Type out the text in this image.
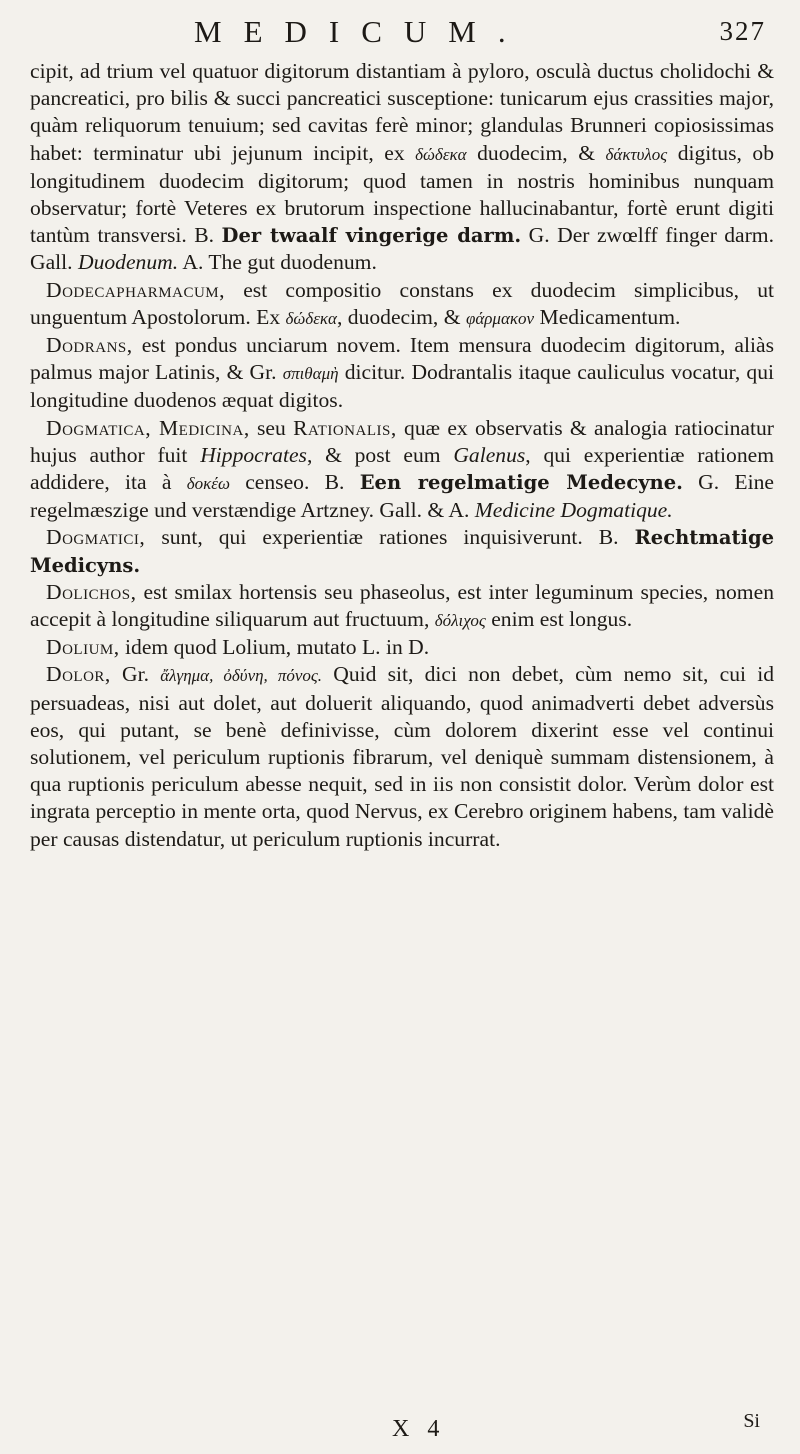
MEDICUM.	327

cipit, ad trium vel quatuor digitorum distantiam à pyloro, osculà ductus cholidochi & pancreatici, pro bilis & succi pancreatici susceptione: tunicarum ejus crassities major, quàm reliquorum tenuium; sed cavitas ferè minor; glandulas Brunneri copiosissimas habet: terminatur ubi jejunum incipit, ex δώδεκα duodecim, & δάκτυλος digitus, ob longitudinem duodecim digitorum; quod tamen in nostris hominibus nunquam observatur; fortè Veteres ex brutorum inspectione hallucinabantur, fortè erunt digiti tantùm transversi. B. Der twaalf vingerige darm. G. Der zwœlff finger darm. Gall. Duodenum. A. The gut duodenum.

Dodecapharmacum, est compositio constans ex duodecim simplicibus, ut unguentum Apostolorum. Ex δώδεκα, duodecim, & φάρμακον Medicamentum.

Dodrans, est pondus unciarum novem. Item mensura duodecim digitorum, aliàs palmus major Latinis, & Gr. σπιθαμὴ dicitur. Dodrantalis itaque cauliculus vocatur, qui longitudine duodenos æquat digitos.

Dogmatica, Medicina, seu Rationalis, quæ ex observatis & analogia ratiocinatur hujus author fuit Hippocrates, & post eum Galenus, qui experientiæ rationem addidere, ita à δοκέω censeo. B. Een regelmatige Medecyne. G. Eine regelmæszige und verstændige Artzney. Gall. & A. Medicine Dogmatique.

Dogmatici, sunt, qui experientiæ rationes inquisiverunt. B. Rechtmatige Medicyns.

Dolichos, est smilax hortensis seu phaseolus, est inter leguminum species, nomen accepit à longitudine siliquarum aut fructuum, δόλιχος enim est longus.

Dolium, idem quod Lolium, mutato L. in D.

Dolor, Gr. ἄλγημα, ὀδύνη, πόνος. Quid sit, dici non debet, cùm nemo sit, cui id persuadeas, nisi aut dolet, aut doluerit aliquando, quod animadverti debet adversùs eos, qui putant, se benè definivisse, cùm dolorem dixerint esse vel continui solutionem, vel periculum ruptionis fibrarum, vel deniquè summam distensionem, à qua ruptionis periculum abesse nequit, sed in iis non consistit dolor. Verùm dolor est ingrata perceptio in mente orta, quod Nervus, ex Cerebro originem habens, tam validè per causas distendatur, ut periculum ruptionis incurrat.

X 4	Si
